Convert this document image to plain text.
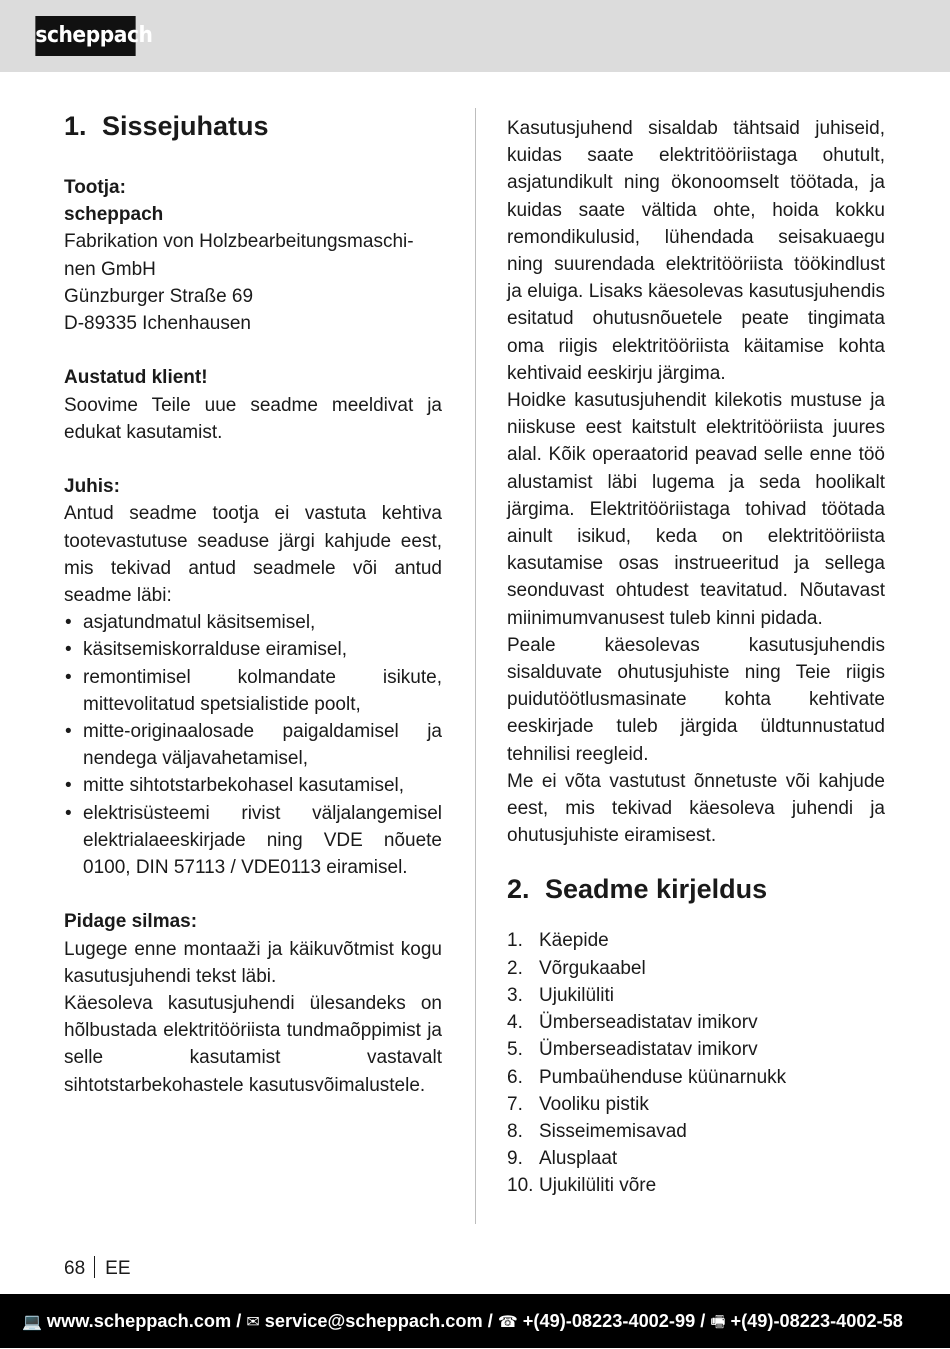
scheppach
1. Sissejuhatus

Tootja:

scheppach

Fabrikation von Holzbearbeitungsmaschi-

nen GmbH

Günzburger Straße 69

D-89335 Ichenhausen

Austatud klient!

Soovime Teile uue seadme meeldivat ja edukat kasutamist.

Juhis:

Antud seadme tootja ei vastuta kehtiva tootevastutuse seaduse järgi kahjude eest, mis tekivad antud seadmele või antud seadme läbi:

• asjatundmatul käsitsemisel,
• käsitsemiskorralduse eiramisel,
• remontimisel kolmandate isikute, mittevolitatud spetsialistide poolt,
• mitte-originaalosade paigaldamisel ja nendega väljavahetamisel,
• mitte sihtotstarbekohasel kasutamisel,
• elektrisüsteemi rivist väljalangemisel elektrialaeeskirjade ning VDE nõuete 0100, DIN 57113 / VDE0113 eiramisel.

Pidage silmas:

Lugege enne montaaži ja käikuvõtmist kogu kasutusjuhendi tekst läbi.

Käesoleva kasutusjuhendi ülesandeks on hõlbustada elektritööriista tundmaõppimist ja selle kasutamist vastavalt sihtotstarbekohastele kasutusvõimalustele.

Kasutusjuhend sisaldab tähtsaid juhiseid, kuidas saate elektritööriistaga ohutult, asjatundikult ning ökonoomselt töötada, ja kuidas saate vältida ohte, hoida kokku remondikulusid, lühendada seisakuaegu ning suurendada elektritööriista töökindlust ja eluiga. Lisaks käesolevas kasutusjuhendis esitatud ohutusnõuetele peate tingimata oma riigis elektritööriista käitamise kohta kehtivaid eeskirju järgima.

Hoidke kasutusjuhendit kilekotis mustuse ja niiskuse eest kaitstult elektritööriista juures alal. Kõik operaatorid peavad selle enne töö alustamist läbi lugema ja seda hoolikalt järgima. Elektritööriistaga tohivad töötada ainult isikud, keda on elektritööriista kasutamise osas instrueeritud ja sellega seonduvast ohtudest teavitatud. Nõutavast miinimumvanusest tuleb kinni pidada.

Peale käesolevas kasutusjuhendis sisalduvate ohutusjuhiste ning Teie riigis puidutöötlusmasinate kohta kehtivate eeskirjade tuleb järgida üldtunnustatud tehnilisi reegleid.

Me ei võta vastutust õnnetuste või kahjude eest, mis tekivad käesoleva juhendi ja ohutusjuhiste eiramisest.

2. Seadme kirjeldus
1. Käepide
2. Võrgukaabel
3. Ujukilüliti
4. Ümberseadistatav imikorv
5. Ümberseadistatav imikorv
6. Pumbaühenduse küünarnukk
7. Vooliku pistik
8. Sisseimemisavad
9. Alusplaat
10. Ujukilüliti võre
68 EE
💻 www.scheppach.com / ✉ service@scheppach.com / ☎ +(49)-08223-4002-99 / 🖷 +(49)-08223-4002-58
